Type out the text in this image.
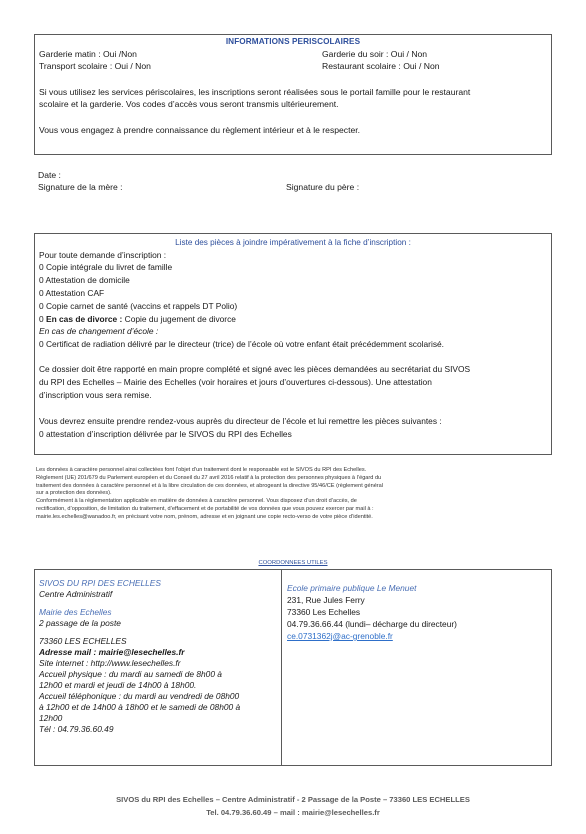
INFORMATIONS PERISCOLAIRES
Garderie matin : Oui /Non	Garderie du soir : Oui / Non
Transport scolaire : Oui / Non	Restaurant scolaire : Oui / Non
Si vous utilisez les services périscolaires, les inscriptions seront réalisées sous le portail famille pour le restaurant
scolaire et la garderie. Vos codes d’accès vous seront transmis ultérieurement.
Vous vous engagez à prendre connaissance du règlement intérieur et à le respecter.
Date :
Signature de la mère :	Signature du père :
Liste des pièces à joindre impérativement à la fiche d’inscription :
Pour toute demande d’inscription :
0 Copie intégrale du livret de famille
0 Attestation de domicile
0 Attestation CAF
0 Copie carnet de santé (vaccins et rappels DT Polio)
0 En cas de divorce : Copie du jugement de divorce
En cas de changement d’école :
0 Certificat de radiation délivré par le directeur (trice) de l’école où votre enfant était précédemment scolarisé.
Ce dossier doit être rapporté en main propre complété et signé avec les pièces demandées au secrétariat du SIVOS
du RPI des Echelles – Mairie des Echelles (voir horaires et jours d’ouvertures ci-dessous). Une attestation
d’inscription vous sera remise.
Vous devrez ensuite prendre rendez-vous auprès du directeur de l’école et lui remettre les pièces suivantes :
0 attestation d’inscription délivrée par le SIVOS du RPI des Echelles

Les données à caractère personnel ainsi collectées font l’objet d’un traitement dont le responsable est le SIVOS du RPI des Echelles.

Règlement (UE) 201/679 du Parlement européen et du Conseil du 27 avril 2016 relatif à la protection des personnes physiques à l’égard du

traitement des données à caractère personnel et à la libre circulation de ces données, et abrogeant la directive 95/46/CE (règlement général

sur a protection des données).

Conformément à la réglementation applicable en matière de données à caractère personnel. Vous disposez d’un droit d’accès, de

rectification, d’opposition, de limitation du traitement, d’effacement et de portabilité de vos données que vous pouvez exercer par mail à :

mairie.les.echelles@wanadoo.fr, en précisant votre nom, prénom, adresse et en joignant une copie recto-verso de votre pièce d’identité.

COORDONNEES UTILES
SIVOS DU RPI DES ECHELLES
Centre Administratif
Mairie des Echelles
2 passage de la poste
73360 LES ECHELLES
Adresse mail : mairie@lesechelles.fr
Site internet : http://www.lesechelles.fr
Accueil physique : du mardi au samedi de 8h00 à
12h00 et mardi et jeudi de 14h00 à 18h00.
Accueil téléphonique : du mardi au vendredi de 08h00
à 12h00 et de 14h00 à 18h00 et le samedi de 08h00 à
12h00
Tél : 04.79.36.60.49
Ecole primaire publique Le Menuet
231, Rue Jules Ferry
73360 Les Echelles
04.79.36.66.44 (lundi– décharge du directeur)
ce.0731362j@ac-grenoble.fr
SIVOS du RPI des Echelles – Centre Administratif - 2 Passage de la Poste – 73360 LES ECHELLES
Tel. 04.79.36.60.49 – mail : mairie@lesechelles.fr
